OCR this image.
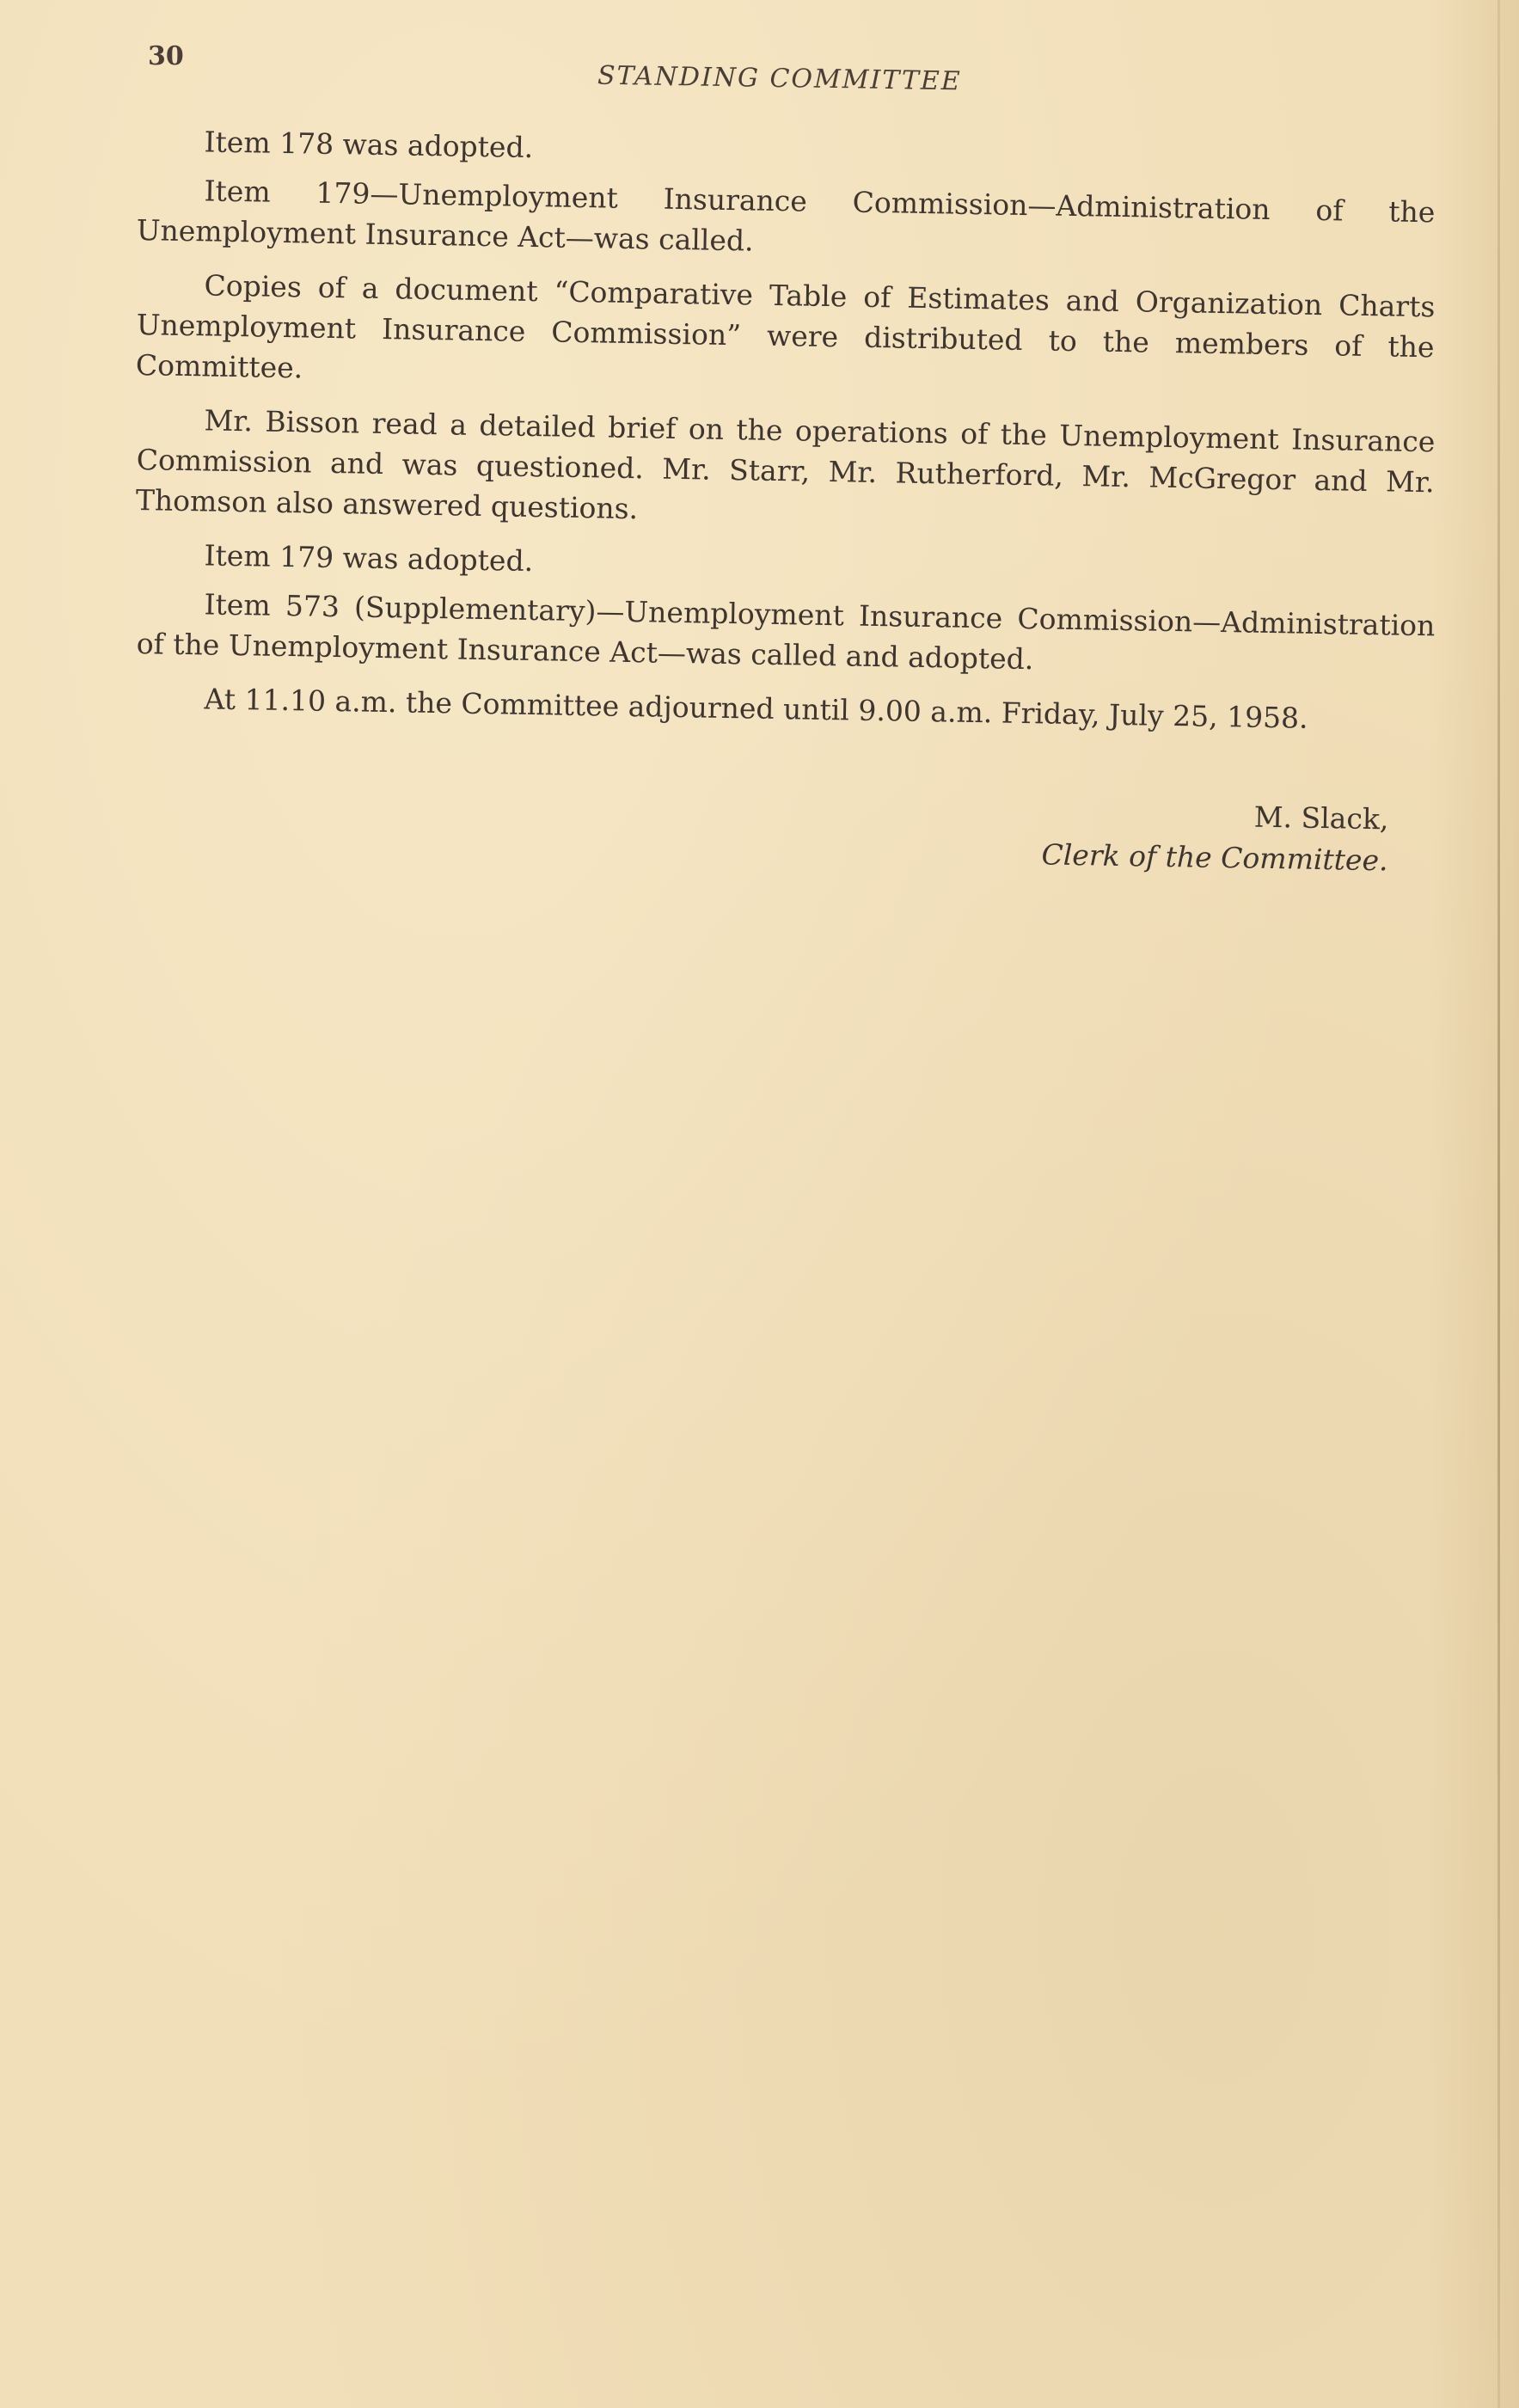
30
STANDING COMMITTEE

Item 178 was adopted.

Item 179—Unemployment Insurance Commission—Administration of the Unemployment Insurance Act—was called.

Copies of a document “Comparative Table of Estimates and Organization Charts Unemployment Insurance Commission” were distributed to the members of the Committee.

Mr. Bisson read a detailed brief on the operations of the Unemployment Insurance Commission and was questioned. Mr. Starr, Mr. Rutherford, Mr. McGregor and Mr. Thomson also answered questions.

Item 179 was adopted.

Item 573 (Supplementary)—Unemployment Insurance Commission—Administration of the Unemployment Insurance Act—was called and adopted.

At 11.10 a.m. the Committee adjourned until 9.00 a.m. Friday, July 25, 1958.

M. Slack,
Clerk of the Committee.
